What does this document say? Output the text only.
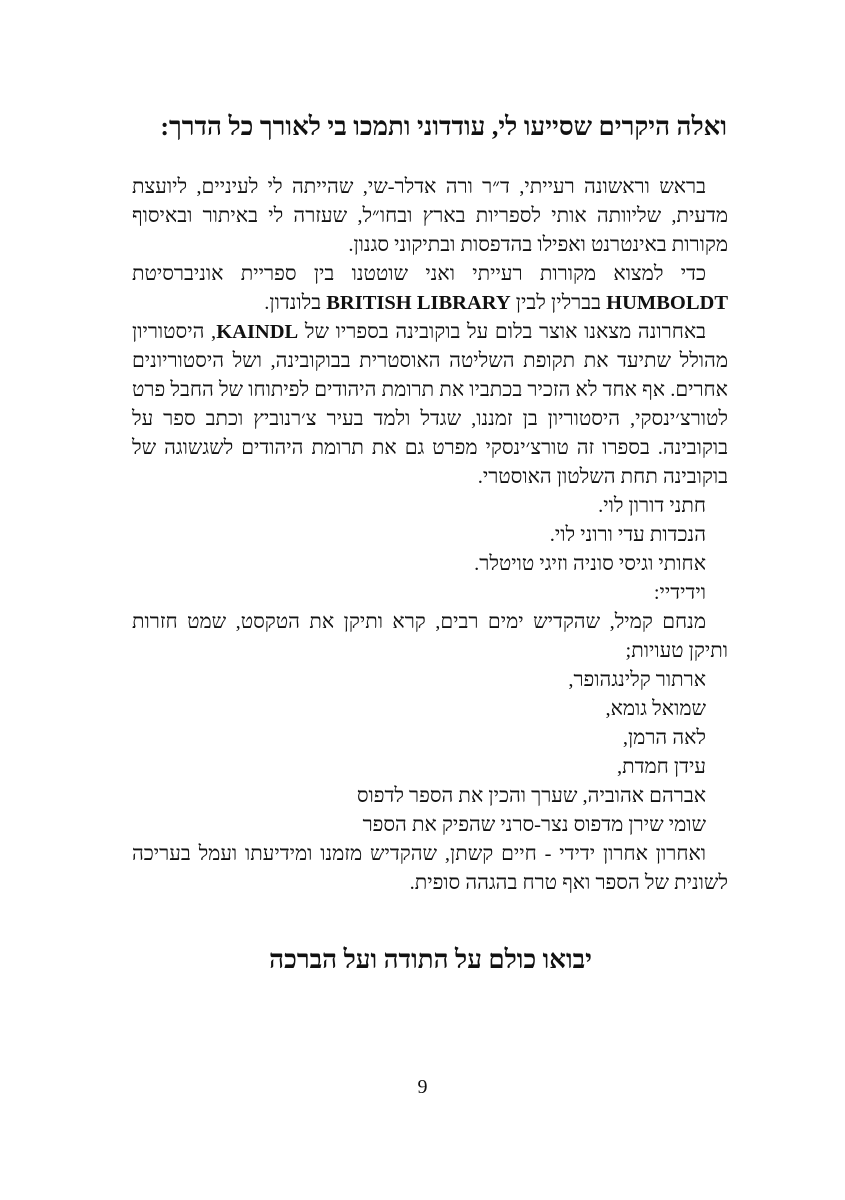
ואלה היקרים שסייעו לי, עודדוני ותמכו בי לאורך כל הדרך:

בראש וראשונה רעייתי, ד״ר ורה אדלר-שי, שהייתה לי לעיניים, ליועצת מדעית, שליוותה אותי לספריות בארץ ובחו״ל, שעזרה לי באיתור ובאיסוף מקורות באינטרנט ואפילו בהדפסות ובתיקוני סגנון.

כדי למצוא מקורות רעייתי ואני שוטטנו בין ספריית אוניברסיטת HUMBOLDT בברלין לבין BRITISH LIBRARY בלונדון.

באחרונה מצאנו אוצר בלום על בוקובינה בספריו של KAINDL, היסטוריון מהולל שתיעד את תקופת השליטה האוסטרית בבוקובינה, ושל היסטוריונים אחרים. אף אחד לא הזכיר בכתביו את תרומת היהודים לפיתוחו של החבל פרט לטורצ׳ינסקי, היסטוריון בן זמננו, שגדל ולמד בעיר צ׳רנוביץ וכתב ספר על בוקובינה. בספרו זה טורצ׳ינסקי מפרט גם את תרומת היהודים לשגשוגה של בוקובינה תחת השלטון האוסטרי.

חתני דורון לוי.

הנכדות עדי ורוני לוי.

אחותי וגיסי סוניה וזיגי טויטלר.

וידידיי:

מנחם קמיל, שהקדיש ימים רבים, קרא ותיקן את הטקסט, שמט חזרות ותיקן טעויות;

ארתור קלינגהופר,

שמואל גומא,

לאה הרמן,

עידן חמדת,

אברהם אהוביה, שערך והכין את הספר לדפוס

שומי שירן מדפוס נצר-סרני שהפיק את הספר

ואחרון אחרון ידידי - חיים קשתן, שהקדיש מזמנו ומידיעתו ועמל בעריכה לשונית של הספר ואף טרח בהגהה סופית.

יבואו כולם על התודה ועל הברכה
9
